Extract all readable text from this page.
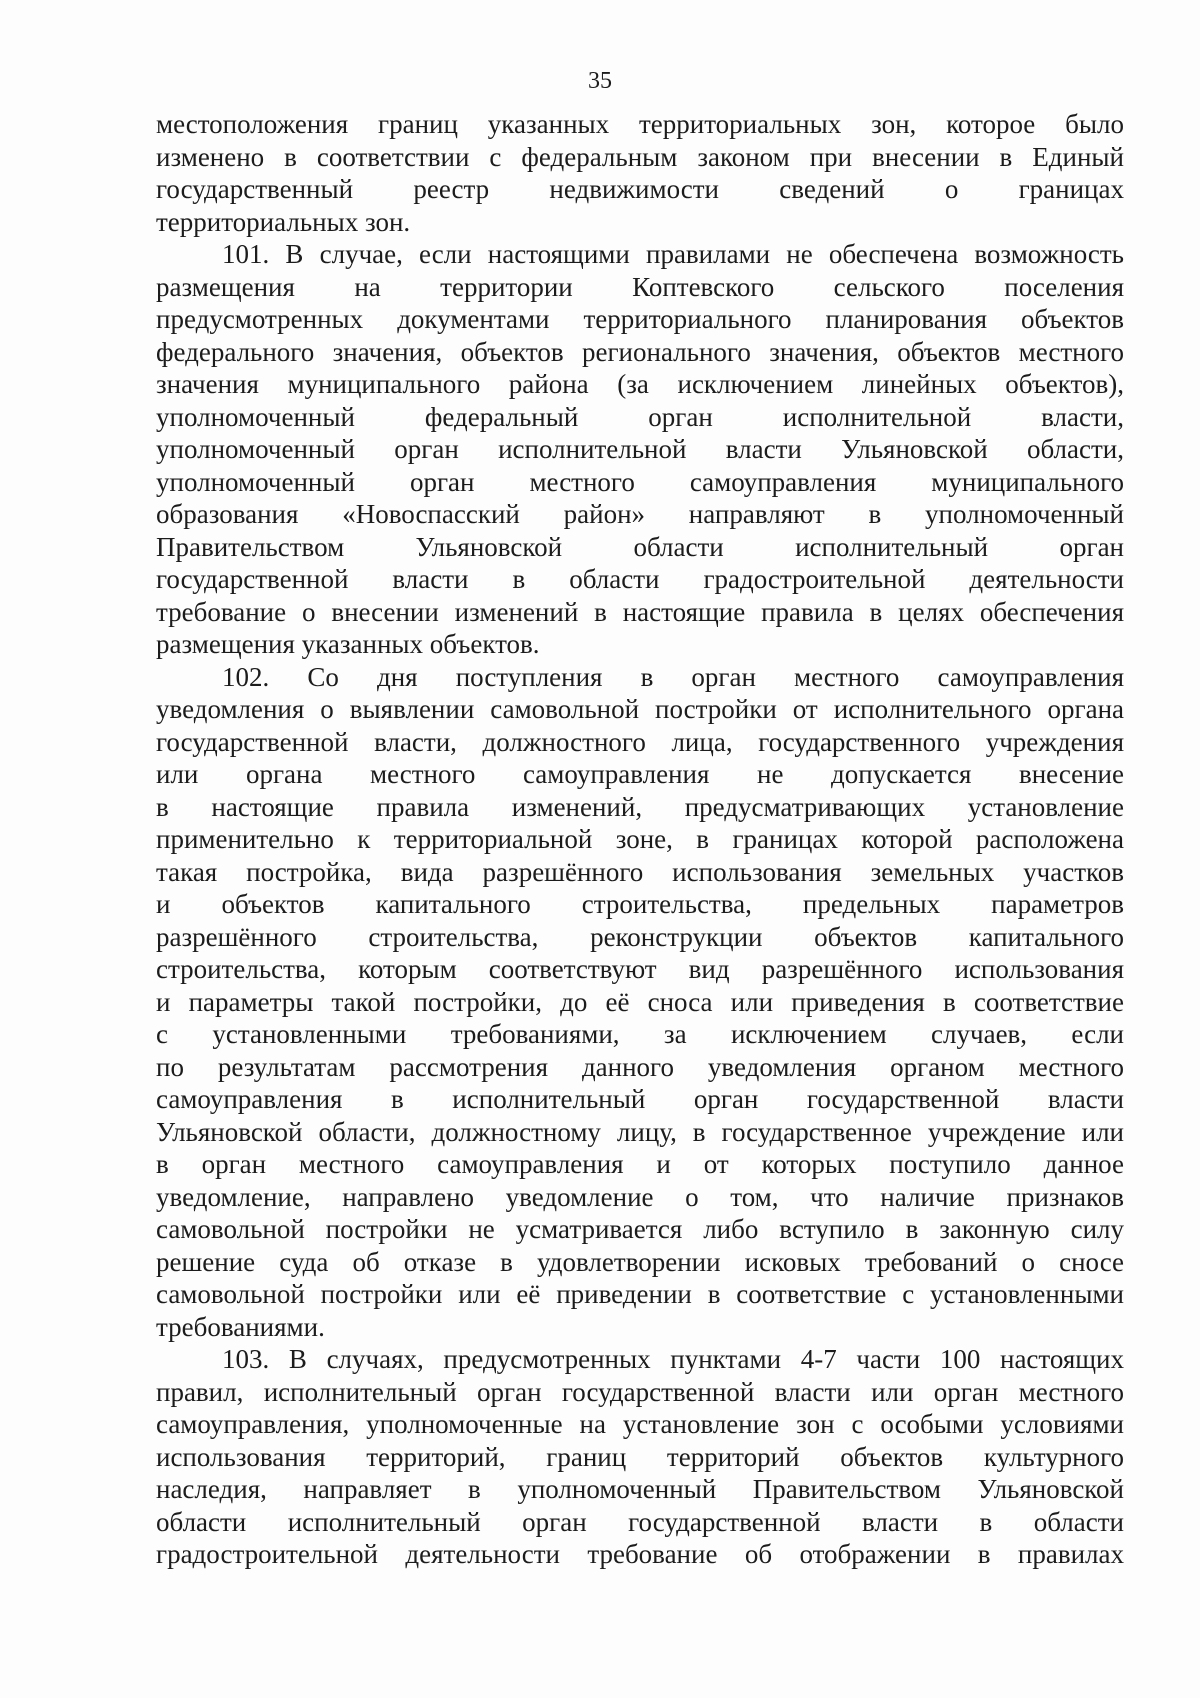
35
местоположения границ указанных территориальных зон, которое было
изменено в соответствии с федеральным законом при внесении в Единый
государственный реестр недвижимости сведений о границах
территориальных зон.
101. В случае, если настоящими правилами не обеспечена возможность
размещения на территории Коптевского сельского поселения
предусмотренных документами территориального планирования объектов
федерального значения, объектов регионального значения, объектов местного
значения муниципального района (за исключением линейных объектов),
уполномоченный федеральный орган исполнительной власти,
уполномоченный орган исполнительной власти Ульяновской области,
уполномоченный орган местного самоуправления муниципального
образования «Новоспасский район» направляют в уполномоченный
Правительством Ульяновской области исполнительный орган
государственной власти в области градостроительной деятельности
требование о внесении изменений в настоящие правила в целях обеспечения
размещения указанных объектов.
102. Со дня поступления в орган местного самоуправления
уведомления о выявлении самовольной постройки от исполнительного органа
государственной власти, должностного лица, государственного учреждения
или органа местного самоуправления не допускается внесение
в настоящие правила изменений, предусматривающих установление
применительно к территориальной зоне, в границах которой расположена
такая постройка, вида разрешённого использования земельных участков
и объектов капитального строительства, предельных параметров
разрешённого строительства, реконструкции объектов капитального
строительства, которым соответствуют вид разрешённого использования
и параметры такой постройки, до её сноса или приведения в соответствие
с установленными требованиями, за исключением случаев, если
по результатам рассмотрения данного уведомления органом местного
самоуправления в исполнительный орган государственной власти
Ульяновской области, должностному лицу, в государственное учреждение или
в орган местного самоуправления и от которых поступило данное
уведомление, направлено уведомление о том, что наличие признаков
самовольной постройки не усматривается либо вступило в законную силу
решение суда об отказе в удовлетворении исковых требований о сносе
самовольной постройки или её приведении в соответствие с установленными
требованиями.
103. В случаях, предусмотренных пунктами 4-7 части 100 настоящих
правил, исполнительный орган государственной власти или орган местного
самоуправления, уполномоченные на установление зон с особыми условиями
использования территорий, границ территорий объектов культурного
наследия, направляет в уполномоченный Правительством Ульяновской
области исполнительный орган государственной власти в области
градостроительной деятельности требование об отображении в правилах
